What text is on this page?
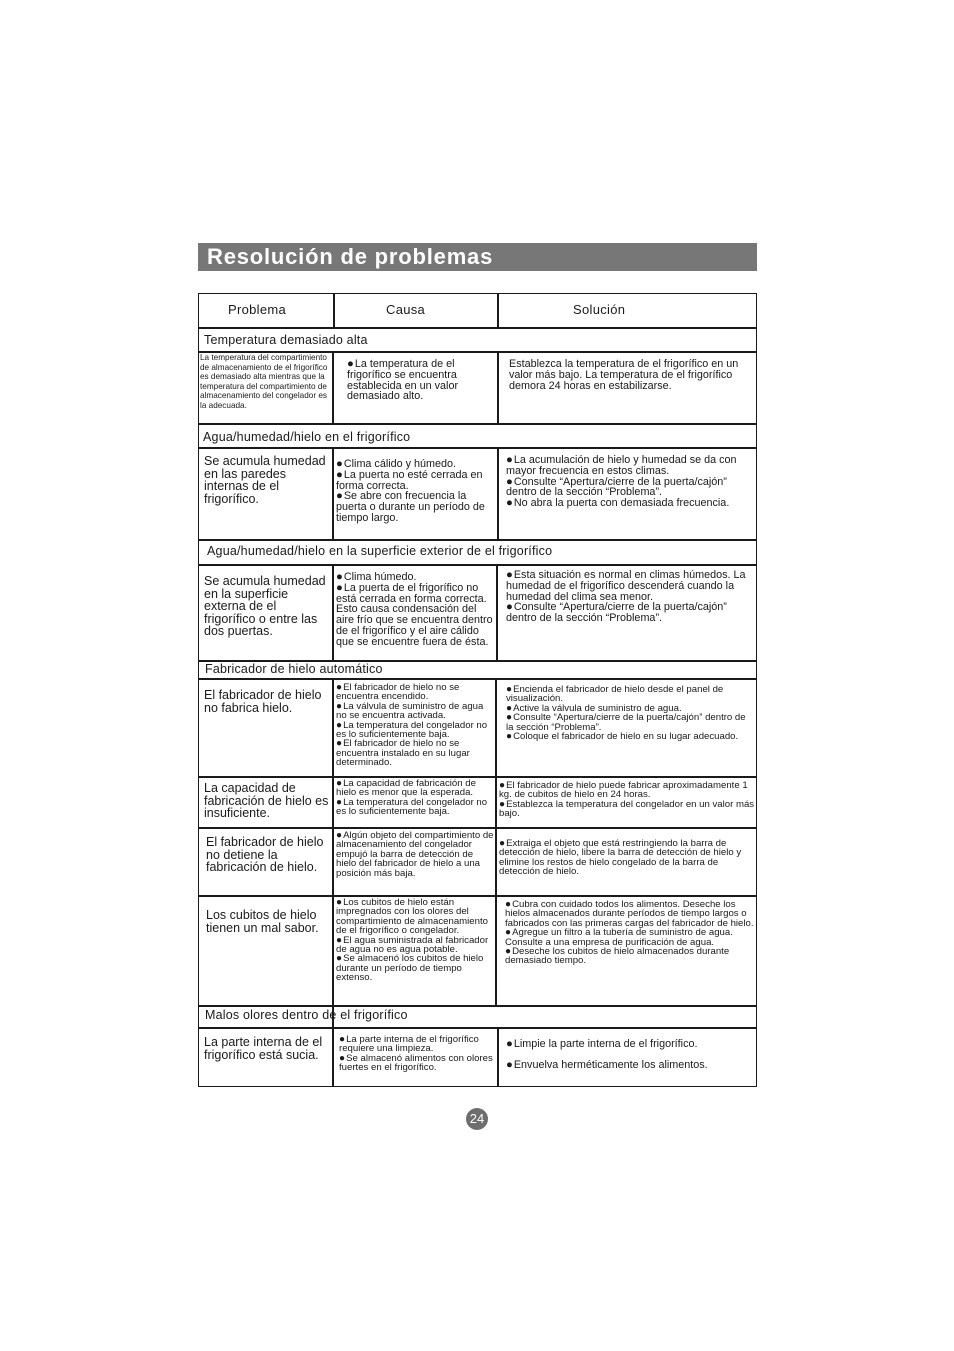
Resolución de problemas
Problema	Causa	Solución
Temperatura demasiado alta
La temperatura del compartimiento de almacenamiento de el frigorífico es demasiado alta mientras que la temperatura del compartimiento de almacenamiento del congelador es la adecuada.

● La temperatura de el frigorífico se encuentra establecida en un valor demasiado alto.

Establezca la temperatura de el frigorífico en un valor más bajo. La temperatura de el frigorífico demora 24 horas en estabilizarse.

Agua/humedad/hielo en el frigorífico
Se acumula humedad en las paredes internas de el frigorífico.

● Clima cálido y húmedo.

● La puerta no esté cerrada en forma correcta.

● Se abre con frecuencia la puerta o durante un período de tiempo largo.

● La acumulación de hielo y humedad se da con mayor frecuencia en estos climas.

● Consulte “Apertura/cierre de la puerta/cajón” dentro de la sección “Problema”.

● No abra la puerta con demasiada frecuencia.

Agua/humedad/hielo en la superficie exterior de el frigorífico
Se acumula humedad en la superficie externa de el frigorífico o entre las dos puertas.

● Clima húmedo.

● La puerta de el frigorífico no está cerrada en forma correcta. Esto causa condensación del aire frío que se encuentra dentro de el frigorífico y el aire cálido que se encuentre fuera de ésta.

● Esta situación es normal en climas húmedos. La humedad de el frigorífico descenderá cuando la humedad del clima sea menor.

● Consulte “Apertura/cierre de la puerta/cajón” dentro de la sección “Problema”.

Fabricador de hielo automático
El fabricador de hielo no fabrica hielo.

● El fabricador de hielo no se encuentra encendido.

● La válvula de suministro de agua no se encuentra activada.

● La temperatura del congelador no es lo suficientemente baja.

● El fabricador de hielo no se encuentra instalado en su lugar determinado.

● Encienda el fabricador de hielo desde el panel de visualización.

● Active la válvula de suministro de agua.

● Consulte “Apertura/cierre de la puerta/cajón” dentro de la sección “Problema”.

● Coloque el fabricador de hielo en su lugar adecuado.

La capacidad de fabricación de hielo es insuficiente.

● La capacidad de fabricación de hielo es menor que la esperada.

● La temperatura del congelador no es lo suficientemente baja.

● El fabricador de hielo puede fabricar aproximadamente 1 kg. de cubitos de hielo en 24 horas.

● Establezca la temperatura del congelador en un valor más bajo.

El fabricador de hielo no detiene la fabricación de hielo.

● Algún objeto del compartimiento de almacenamiento del congelador empujó la barra de detección de hielo del fabricador de hielo a una posición más baja.

● Extraiga el objeto que está restringiendo la barra de detección de hielo, libere la barra de detección de hielo y elimine los restos de hielo congelado de la barra de detección de hielo.

Los cubitos de hielo tienen un mal sabor.

● Los cubitos de hielo están impregnados con los olores del compartimiento de almacenamiento de el frigorífico o congelador.

● El agua suministrada al fabricador de agua no es agua potable.

● Se almacenó los cubitos de hielo durante un período de tiempo extenso.

● Cubra con cuidado todos los alimentos. Deseche los hielos almacenados durante períodos de tiempo largos o fabricados con las primeras cargas del fabricador de hielo.

● Agregue un filtro a la tubería de suministro de agua. Consulte a una empresa de purificación de agua.

● Deseche los cubitos de hielo almacenados durante demasiado tiempo.

Malos olores dentro de el frigorífico
La parte interna de el frigorífico está sucia.

● La parte interna de el frigorífico requiere una limpieza.

● Se almacenó alimentos con olores fuertes en el frigorífico.

● Limpie la parte interna de el frigorífico.

● Envuelva herméticamente los alimentos.

24
